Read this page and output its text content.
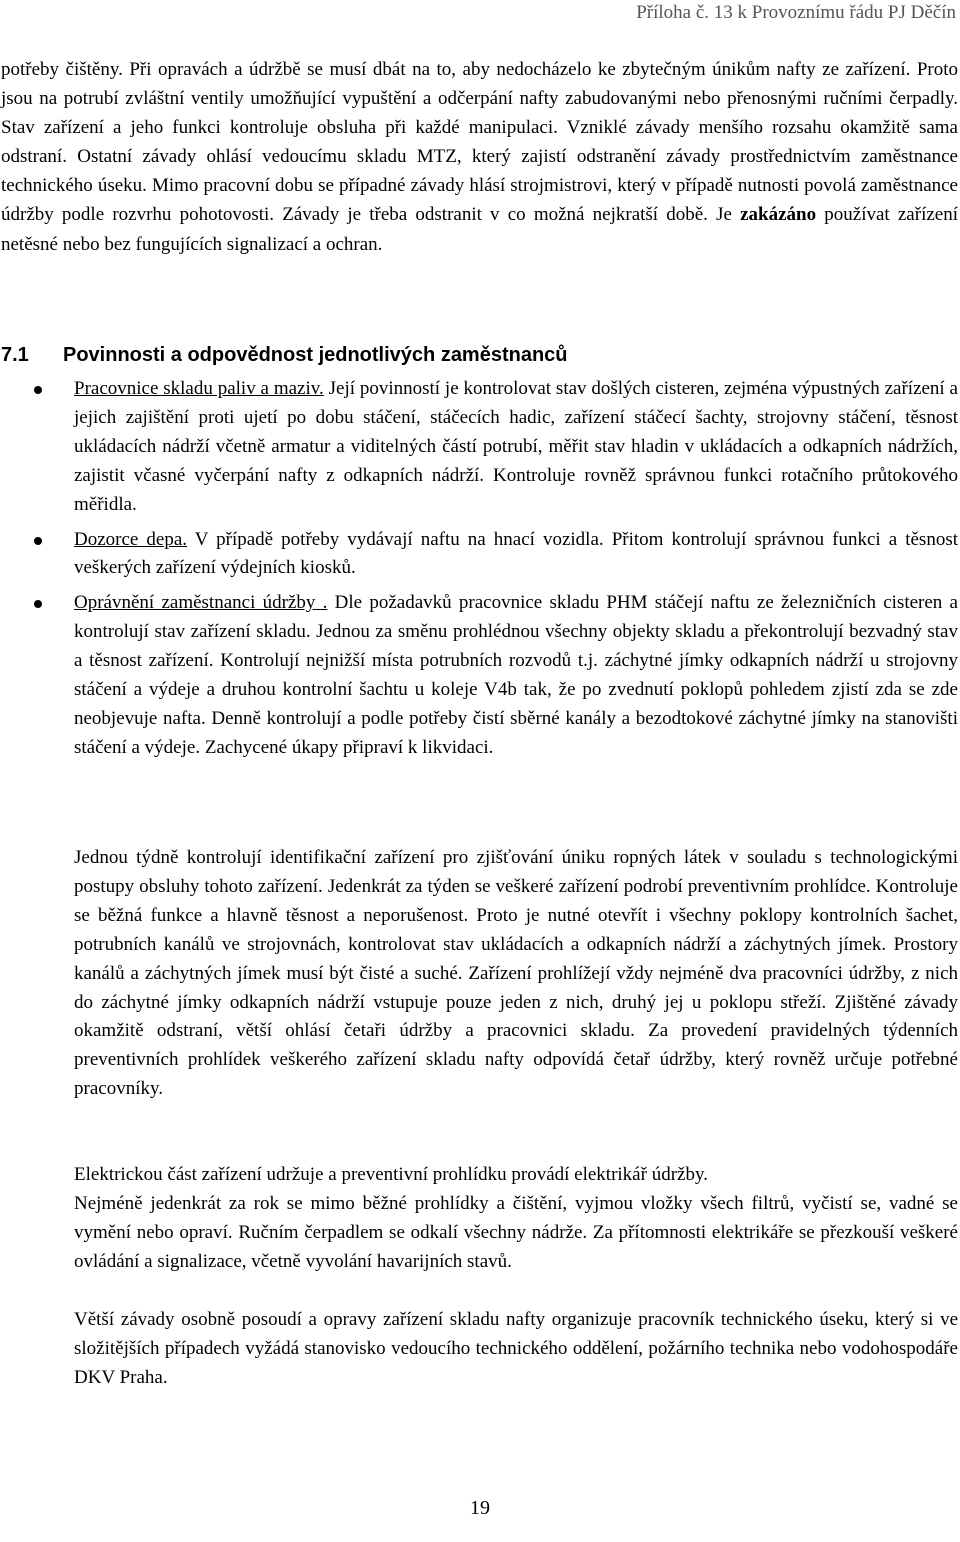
Příloha č. 13 k Provoznímu řádu PJ Děčín

potřeby čištěny. Při opravách a údržbě se musí dbát na to, aby nedocházelo ke zbytečným únikům nafty ze zařízení. Proto jsou na potrubí zvláštní ventily umožňující vypuštění a odčerpání nafty zabudovanými nebo přenosnými ručními čerpadly. Stav zařízení a jeho funkci kontroluje obsluha při každé manipulaci. Vzniklé závady menšího rozsahu okamžitě sama odstraní. Ostatní závady ohlásí vedoucímu skladu MTZ, který zajistí odstranění závady prostřednictvím zaměstnance technického úseku. Mimo pracovní dobu se případné závady hlásí strojmistrovi, který v případě nutnosti povolá zaměstnance údržby podle rozvrhu pohotovosti. Závady je třeba odstranit v co možná nejkratší době. Je zakázáno používat zařízení netěsné nebo bez fungujících signalizací a ochran.

7.1 Povinnosti a odpovědnost jednotlivých zaměstnanců
Pracovnice skladu paliv a maziv. Její povinností je kontrolovat stav došlých cisteren, zejména výpustných zařízení a jejich zajištění proti ujetí po dobu stáčení, stáčecích hadic, zařízení stáčecí šachty, strojovny stáčení, těsnost ukládacích nádrží včetně armatur a viditelných částí potrubí, měřit stav hladin v ukládacích a odkapních nádržích, zajistit včasné vyčerpání nafty z odkapních nádrží. Kontroluje rovněž správnou funkci rotačního průtokového měřidla.
Dozorce depa. V případě potřeby vydávají naftu na hnací vozidla. Přitom kontrolují správnou funkci a těsnost veškerých zařízení výdejních kiosků.
Oprávnění zaměstnanci údržby . Dle požadavků pracovnice skladu PHM stáčejí naftu ze železničních cisteren a kontrolují stav zařízení skladu. Jednou za směnu prohlédnou všechny objekty skladu a překontrolují bezvadný stav a těsnost zařízení. Kontrolují nejnižší místa potrubních rozvodů t.j. záchytné jímky odkapních nádrží u strojovny stáčení a výdeje a druhou kontrolní šachtu u koleje V4b tak, že po zvednutí poklopů pohledem zjistí zda se zde neobjevuje nafta. Denně kontrolují a podle potřeby čistí sběrné kanály a bezodtokové záchytné jímky na stanovišti stáčení a výdeje. Zachycené úkapy připraví k likvidaci.

Jednou týdně kontrolují identifikační zařízení pro zjišťování úniku ropných látek v souladu s technologickými postupy obsluhy tohoto zařízení. Jedenkrát za týden se veškeré zařízení podrobí preventivním prohlídce. Kontroluje se běžná funkce a hlavně těsnost a neporušenost. Proto je nutné otevřít i všechny poklopy kontrolních šachet, potrubních kanálů ve strojovnách, kontrolovat stav ukládacích a odkapních nádrží a záchytných jímek. Prostory kanálů a záchytných jímek musí být čisté a suché. Zařízení prohlížejí vždy nejméně dva pracovníci údržby, z nich do záchytné jímky odkapních nádrží vstupuje pouze jeden z nich, druhý jej u poklopu střeží. Zjištěné závady okamžitě odstraní, větší ohlásí četaři údržby a pracovnici skladu. Za provedení pravidelných týdenních preventivních prohlídek veškerého zařízení skladu nafty odpovídá četař údržby, který rovněž určuje potřebné pracovníky.

Elektrickou část zařízení udržuje a preventivní prohlídku provádí elektrikář údržby.

Nejméně jedenkrát za rok se mimo běžné prohlídky a čištění, vyjmou vložky všech filtrů, vyčistí se, vadné se vymění nebo opraví. Ručním čerpadlem se odkalí všechny nádrže. Za přítomnosti elektrikáře se přezkouší veškeré ovládání a signalizace, včetně vyvolání havarijních stavů.

Větší závady osobně posoudí a opravy zařízení skladu nafty organizuje pracovník technického úseku, který si ve složitějších případech vyžádá stanovisko vedoucího technického oddělení, požárního technika nebo vodohospodáře DKV Praha.

19
